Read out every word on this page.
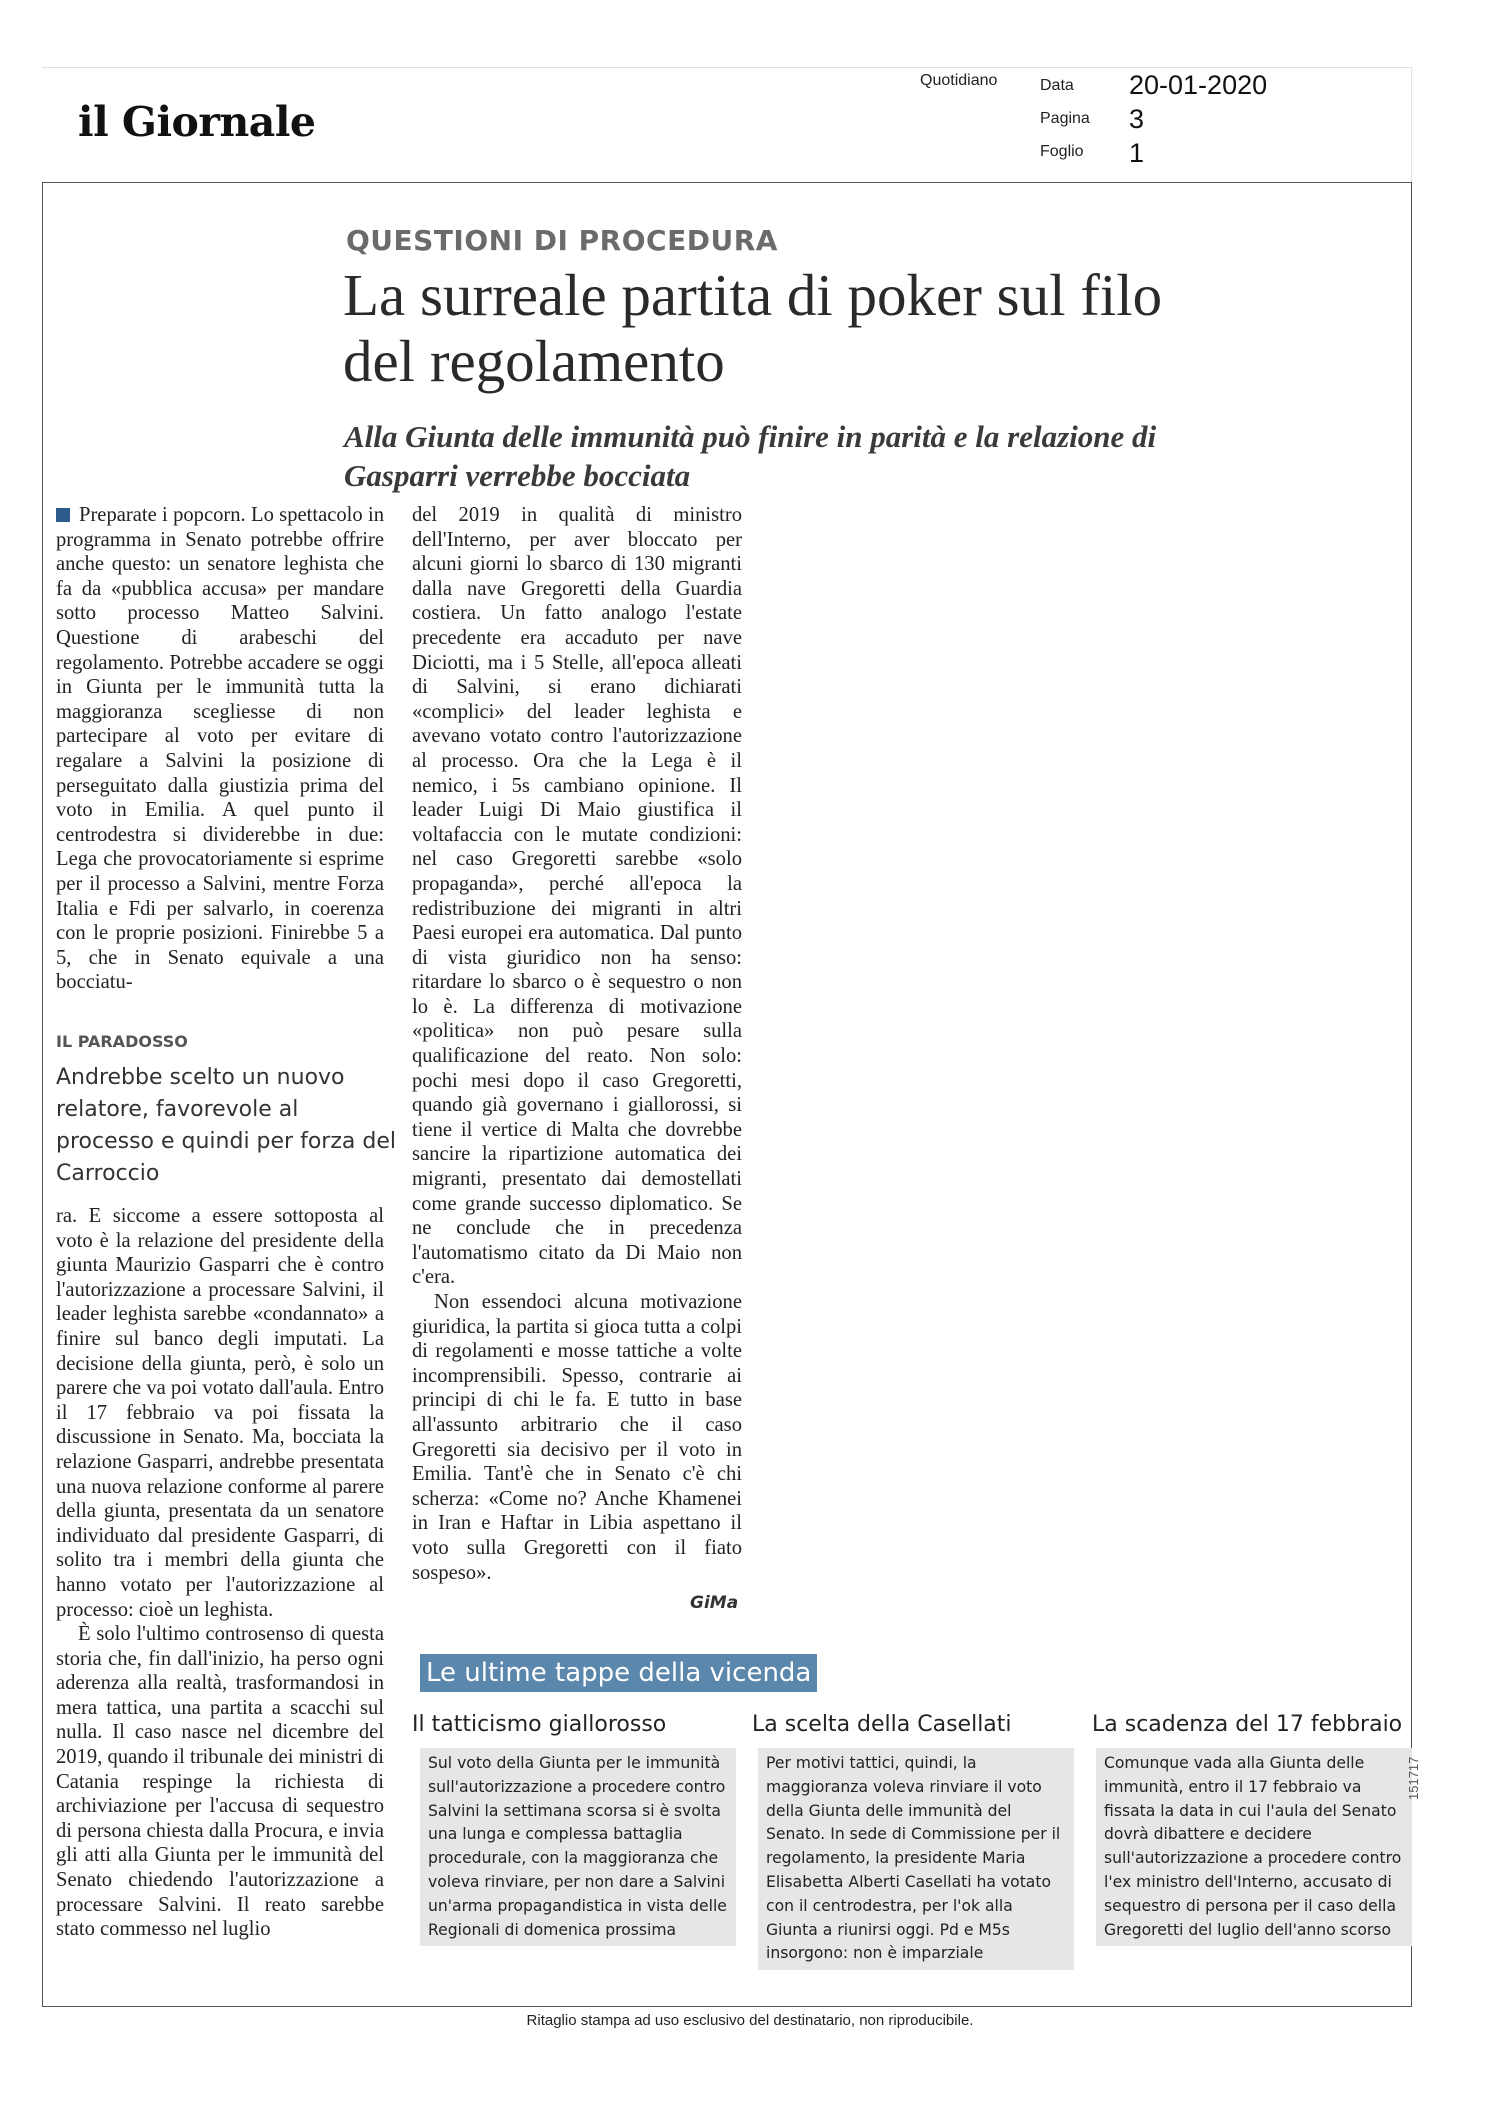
il Giornale
Quotidiano	Data
Pagina
Foglio
20-01-2020
3
1
QUESTIONI DI PROCEDURA
La surreale partita di poker sul filo del regolamento
Alla Giunta delle immunità può finire in parità e la relazione di Gasparri verrebbe bocciata

Preparate i popcorn. Lo spettacolo in programma in Senato potrebbe offrire anche questo: un senatore leghista che fa da «pubblica accusa» per mandare sotto processo Matteo Salvini. Questione di arabeschi del regolamento. Potrebbe accadere se oggi in Giunta per le immunità tutta la maggioranza scegliesse di non partecipare al voto per evitare di regalare a Salvini la posizione di perseguitato dalla giustizia prima del voto in Emilia. A quel punto il centrodestra si dividerebbe in due: Lega che provocatoriamente si esprime per il processo a Salvini, mentre Forza Italia e Fdi per salvarlo, in coerenza con le proprie posizioni. Finirebbe 5 a 5, che in Senato equivale a una bocciatu-

IL PARADOSSO
Andrebbe scelto un nuovo relatore, favorevole al processo e quindi per forza del Carroccio

ra. E siccome a essere sottoposta al voto è la relazione del presidente della giunta Maurizio Gasparri che è contro l'autorizzazione a processare Salvini, il leader leghista sarebbe «condannato» a finire sul banco degli imputati. La decisione della giunta, però, è solo un parere che va poi votato dall'aula. Entro il 17 febbraio va poi fissata la discussione in Senato. Ma, bocciata la relazione Gasparri, andrebbe presentata una nuova relazione conforme al parere della giunta, presentata da un senatore individuato dal presidente Gasparri, di solito tra i membri della giunta che hanno votato per l'autorizzazione al processo: cioè un leghista.

È solo l'ultimo controsenso di questa storia che, fin dall'inizio, ha perso ogni aderenza alla realtà, trasformandosi in mera tattica, una partita a scacchi sul nulla. Il caso nasce nel dicembre del 2019, quando il tribunale dei ministri di Catania respinge la richiesta di archiviazione per l'accusa di sequestro di persona chiesta dalla Procura, e invia gli atti alla Giunta per le immunità del Senato chiedendo l'autorizzazione a processare Salvini. Il reato sarebbe stato commesso nel luglio

del 2019 in qualità di ministro dell'Interno, per aver bloccato per alcuni giorni lo sbarco di 130 migranti dalla nave Gregoretti della Guardia costiera. Un fatto analogo l'estate precedente era accaduto per nave Diciotti, ma i 5 Stelle, all'epoca alleati di Salvini, si erano dichiarati «complici» del leader leghista e avevano votato contro l'autorizzazione al processo. Ora che la Lega è il nemico, i 5s cambiano opinione. Il leader Luigi Di Maio giustifica il voltafaccia con le mutate condizioni: nel caso Gregoretti sarebbe «solo propaganda», perché all'epoca la redistribuzione dei migranti in altri Paesi europei era automatica. Dal punto di vista giuridico non ha senso: ritardare lo sbarco o è sequestro o non lo è. La differenza di motivazione «politica» non può pesare sulla qualificazione del reato. Non solo: pochi mesi dopo il caso Gregoretti, quando già governano i giallorossi, si tiene il vertice di Malta che dovrebbe sancire la ripartizione automatica dei migranti, presentato dai demostellati come grande successo diplomatico. Se ne conclude che in precedenza l'automatismo citato da Di Maio non c'era.

Non essendoci alcuna motivazione giuridica, la partita si gioca tutta a colpi di regolamenti e mosse tattiche a volte incomprensibili. Spesso, contrarie ai principi di chi le fa. E tutto in base all'assunto arbitrario che il caso Gregoretti sia decisivo per il voto in Emilia. Tant'è che in Senato c'è chi scherza: «Come no? Anche Khamenei in Iran e Haftar in Libia aspettano il voto sulla Gregoretti con il fiato sospeso».

GiMa
Le ultime tappe della vicenda
Il tatticismo giallorosso
Sul voto della Giunta per le immunità sull'autorizzazione a procedere contro Salvini la settimana scorsa si è svolta una lunga e complessa battaglia procedurale, con la maggioranza che voleva rinviare, per non dare a Salvini un'arma propagandistica in vista delle Regionali di domenica prossima
La scelta della Casellati
Per motivi tattici, quindi, la maggioranza voleva rinviare il voto della Giunta delle immunità del Senato. In sede di Commissione per il regolamento, la presidente Maria Elisabetta Alberti Casellati ha votato con il centrodestra, per l'ok alla Giunta a riunirsi oggi. Pd e M5s insorgono: non è imparziale
La scadenza del 17 febbraio
Comunque vada alla Giunta delle immunità, entro il 17 febbraio va fissata la data in cui l'aula del Senato dovrà dibattere e decidere sull'autorizzazione a procedere contro l'ex ministro dell'Interno, accusato di sequestro di persona per il caso della Gregoretti del luglio dell'anno scorso
151717
Ritaglio stampa ad uso esclusivo del destinatario, non riproducibile.
